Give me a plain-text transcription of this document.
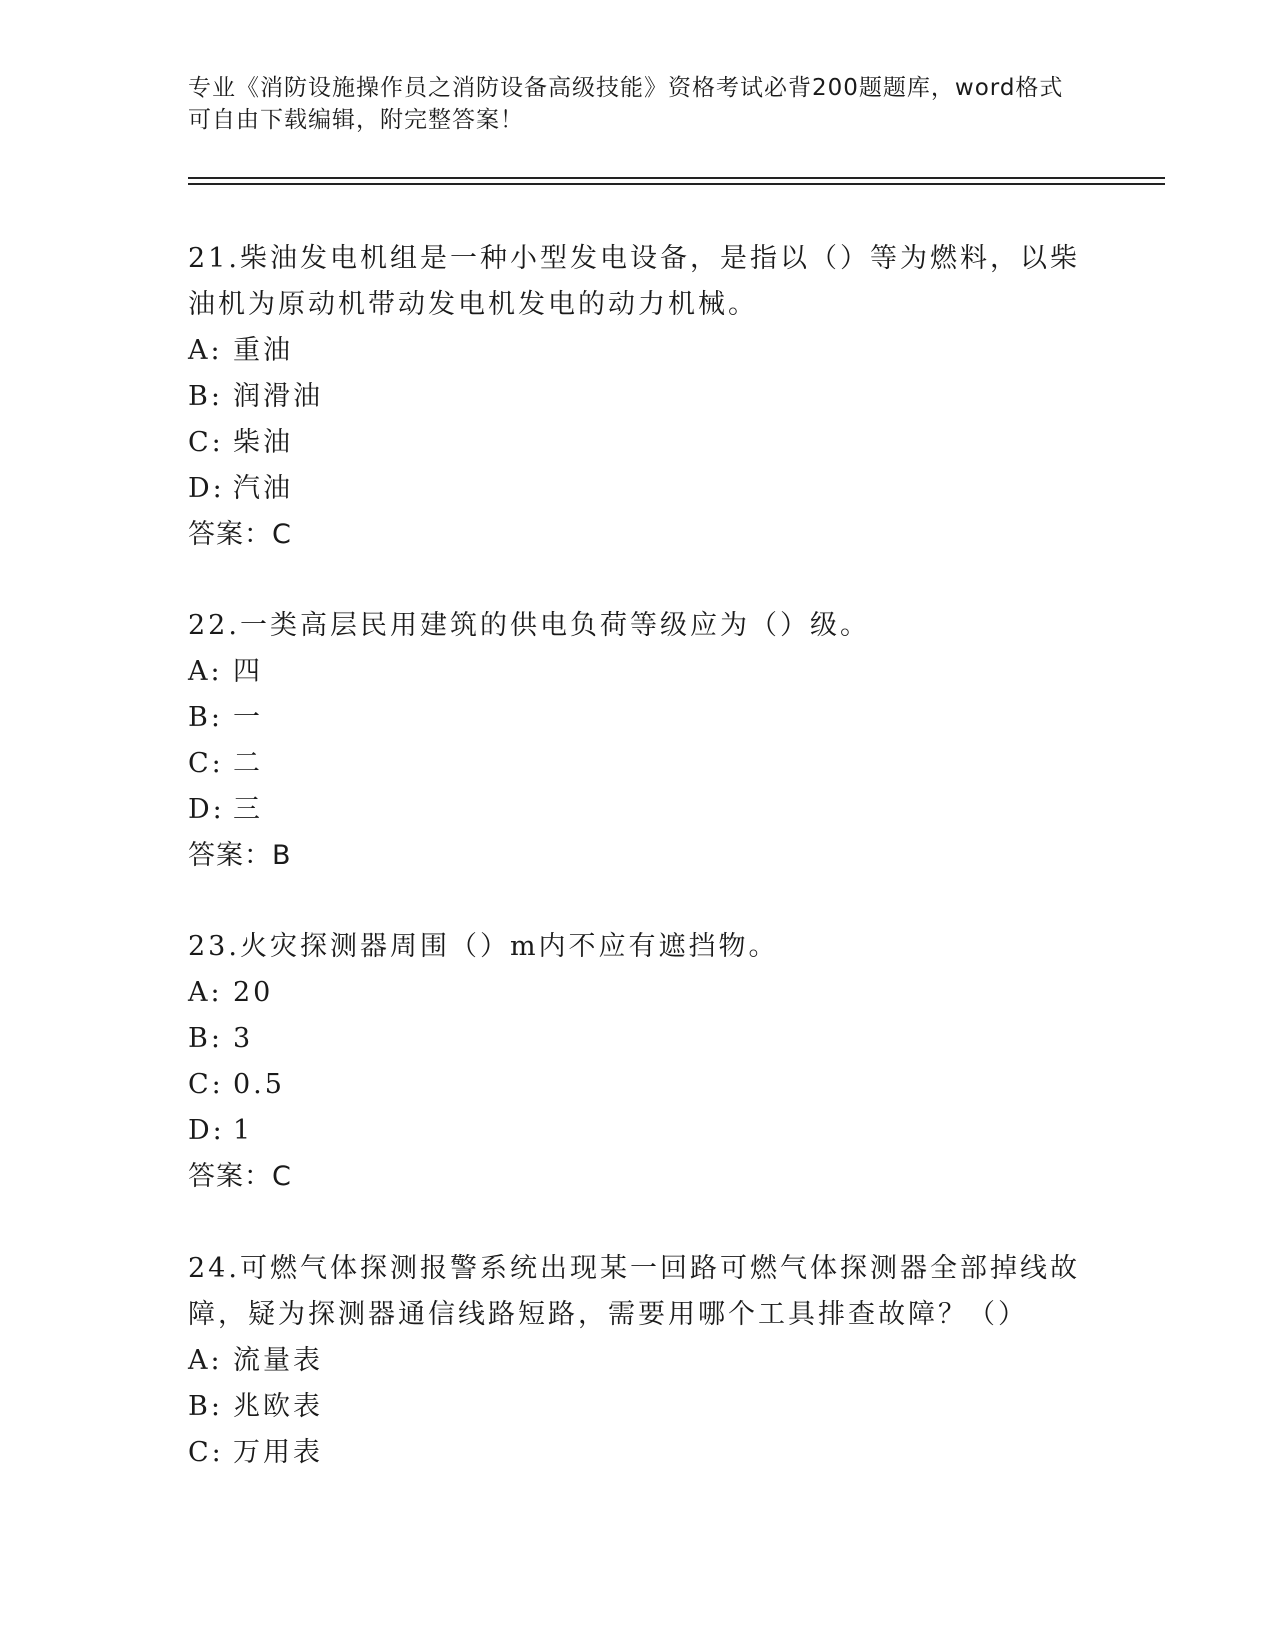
专业《消防设施操作员之消防设备高级技能》资格考试必背200题题库，word格式可自由下载编辑，附完整答案！

21.柴油发电机组是一种小型发电设备，是指以（）等为燃料，以柴油机为原动机带动发电机发电的动力机械。

A: 重油

B: 润滑油

C: 柴油

D: 汽油

答案：C

22.一类高层民用建筑的供电负荷等级应为（）级。

A: 四

B: 一

C: 二

D: 三

答案：B

23.火灾探测器周围（）m内不应有遮挡物。

A: 20

B: 3

C: 0.5

D: 1

答案：C

24.可燃气体探测报警系统出现某一回路可燃气体探测器全部掉线故障，疑为探测器通信线路短路，需要用哪个工具排查故障？（）

A: 流量表

B: 兆欧表

C: 万用表
